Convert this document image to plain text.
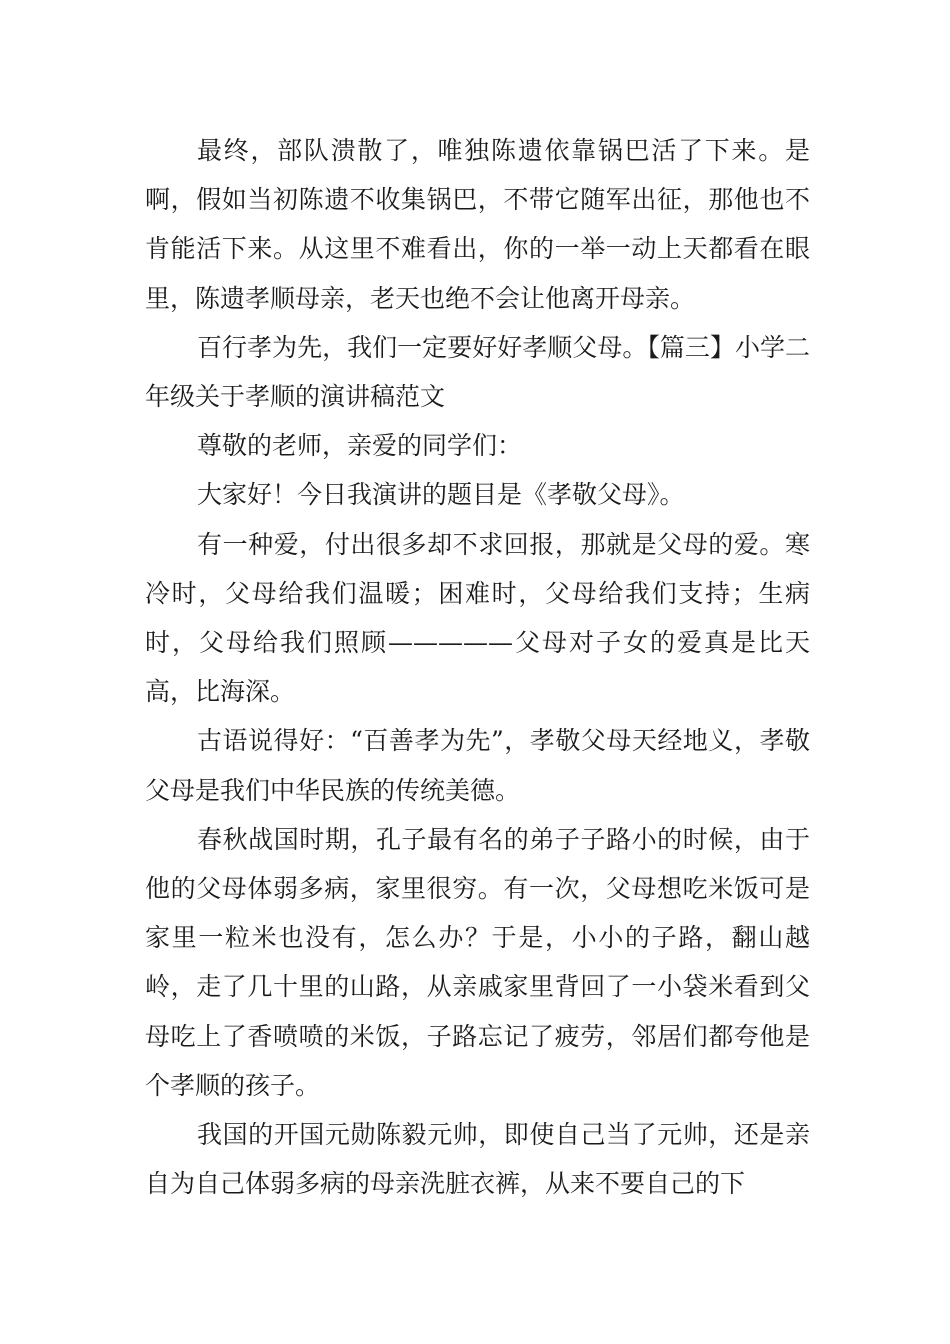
最终，部队溃散了，唯独陈遗依靠锅巴活了下来。是啊，假如当初陈遗不收集锅巴，不带它随军出征，那他也不肯能活下来。从这里不难看出，你的一举一动上天都看在眼里，陈遗孝顺母亲，老天也绝不会让他离开母亲。

百行孝为先，我们一定要好好孝顺父母。【篇三】小学二年级关于孝顺的演讲稿范文

尊敬的老师，亲爱的同学们：

大家好！今日我演讲的题目是《孝敬父母》。

有一种爱，付出很多却不求回报，那就是父母的爱。寒冷时，父母给我们温暖；困难时，父母给我们支持；生病时，父母给我们照顾—————父母对子女的爱真是比天高，比海深。

古语说得好：“百善孝为先”，孝敬父母天经地义，孝敬父母是我们中华民族的传统美德。

春秋战国时期，孔子最有名的弟子子路小的时候，由于他的父母体弱多病，家里很穷。有一次，父母想吃米饭可是家里一粒米也没有，怎么办？于是，小小的子路，翻山越岭，走了几十里的山路，从亲戚家里背回了一小袋米看到父母吃上了香喷喷的米饭，子路忘记了疲劳，邻居们都夸他是个孝顺的孩子。

我国的开国元勋陈毅元帅，即使自己当了元帅，还是亲自为自己体弱多病的母亲洗脏衣裤，从来不要自己的下
